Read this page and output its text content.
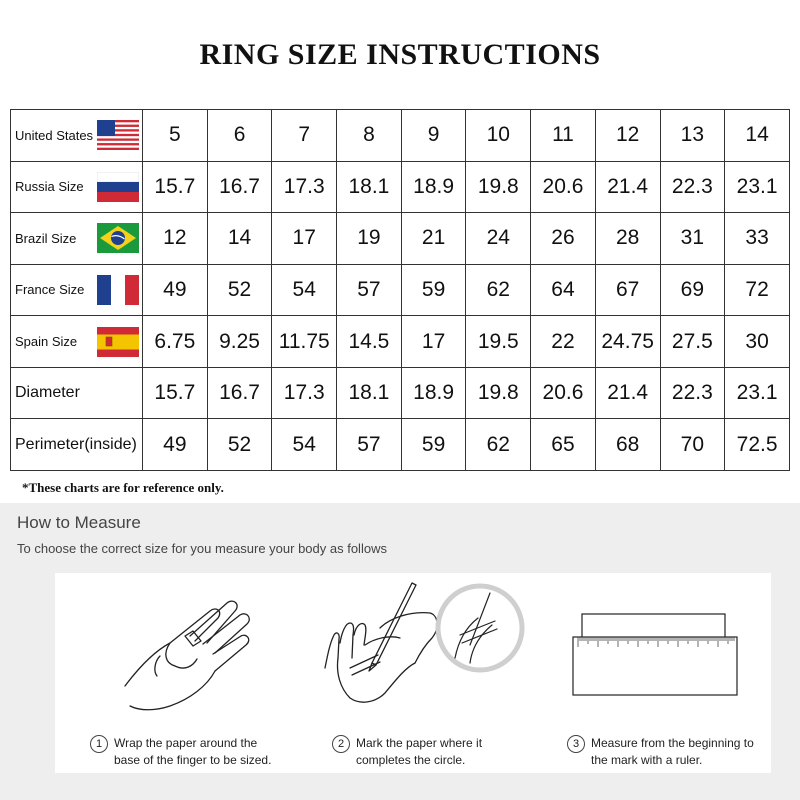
RING SIZE INSTRUCTIONS
United States	5	6	7	8	9	10	11	12	13	14
Russia Size	15.7	16.7	17.3	18.1	18.9	19.8	20.6	21.4	22.3	23.1
Brazil Size	12	14	17	19	21	24	26	28	31	33
France Size	49	52	54	57	59	62	64	67	69	72
Spain Size	6.75	9.25	11.75	14.5	17	19.5	22	24.75	27.5	30
Diameter	15.7	16.7	17.3	18.1	18.9	19.8	20.6	21.4	22.3	23.1
Perimeter(inside)	49	52	54	57	59	62	65	68	70	72.5
*These charts are for reference only.
How to Measure
To choose the correct size for you measure your body as follows
1 Wrap the paper around the
base of the finger to be sized.
2 Mark the paper where it
completes the circle.
3 Measure from the beginning to
the mark with a ruler.
